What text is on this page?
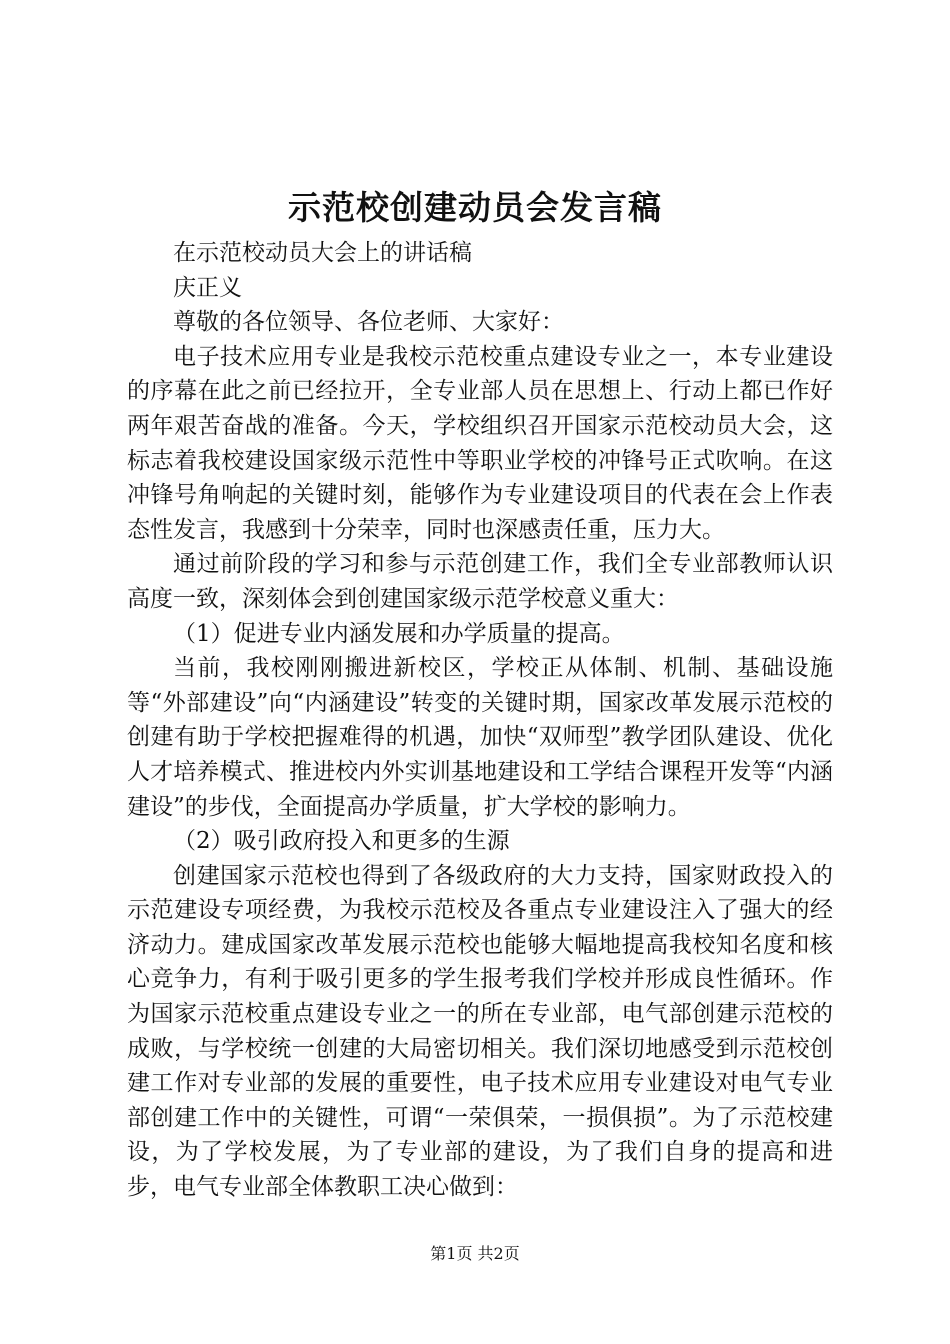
示范校创建动员会发言稿

在示范校动员大会上的讲话稿

庆正义

尊敬的各位领导、各位老师、大家好：

电子技术应用专业是我校示范校重点建设专业之一，本专业建设的序幕在此之前已经拉开，全专业部人员在思想上、行动上都已作好两年艰苦奋战的准备。今天，学校组织召开国家示范校动员大会，这标志着我校建设国家级示范性中等职业学校的冲锋号正式吹响。在这冲锋号角响起的关键时刻，能够作为专业建设项目的代表在会上作表态性发言，我感到十分荣幸，同时也深感责任重，压力大。

通过前阶段的学习和参与示范创建工作，我们全专业部教师认识高度一致，深刻体会到创建国家级示范学校意义重大：

（1）促进专业内涵发展和办学质量的提高。

当前，我校刚刚搬进新校区，学校正从体制、机制、基础设施等“外部建设”向“内涵建设”转变的关键时期，国家改革发展示范校的创建有助于学校把握难得的机遇，加快“双师型”教学团队建设、优化人才培养模式、推进校内外实训基地建设和工学结合课程开发等“内涵建设”的步伐，全面提高办学质量，扩大学校的影响力。

（2）吸引政府投入和更多的生源

创建国家示范校也得到了各级政府的大力支持，国家财政投入的示范建设专项经费，为我校示范校及各重点专业建设注入了强大的经济动力。建成国家改革发展示范校也能够大幅地提高我校知名度和核心竞争力，有利于吸引更多的学生报考我们学校并形成良性循环。作为国家示范校重点建设专业之一的所在专业部，电气部创建示范校的成败，与学校统一创建的大局密切相关。我们深切地感受到示范校创建工作对专业部的发展的重要性，电子技术应用专业建设对电气专业部创建工作中的关键性，可谓“一荣俱荣，一损俱损”。为了示范校建设，为了学校发展，为了专业部的建设，为了我们自身的提高和进步，电气专业部全体教职工决心做到：

第1页 共2页
